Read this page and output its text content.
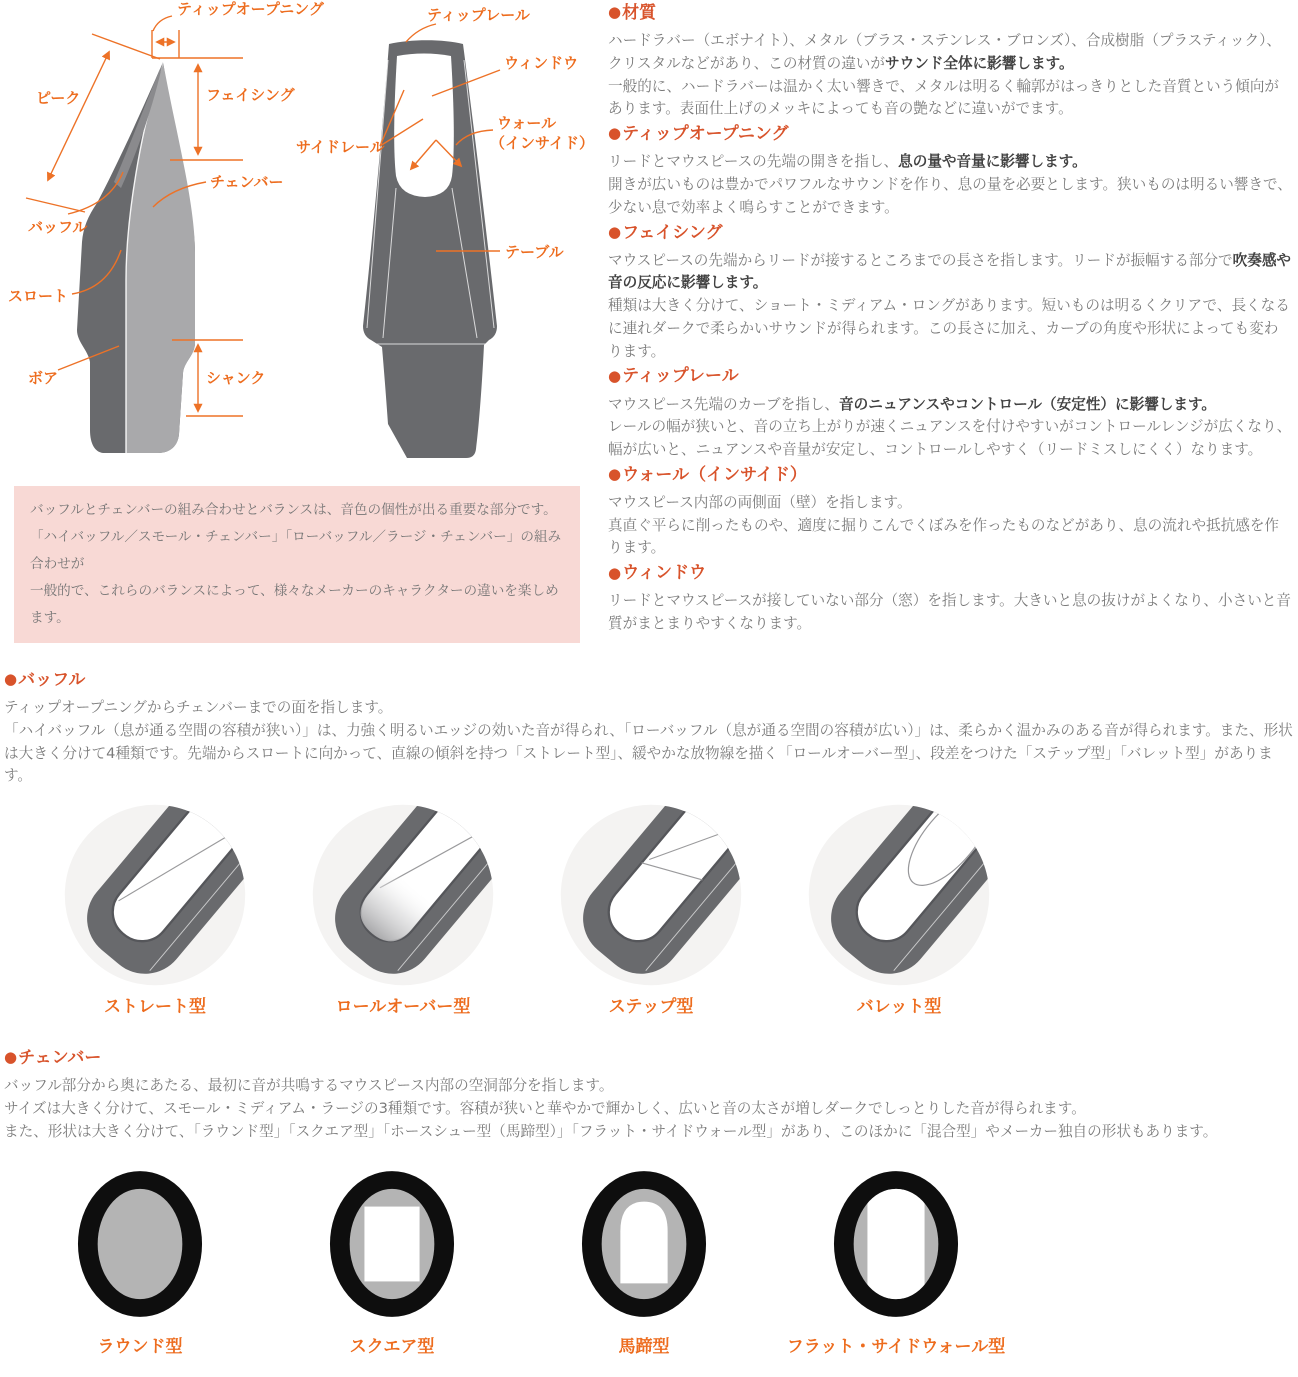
ティップオープニング
ピーク	フェイシング
チェンバー
バッフル
スロート
ボア	シャンク
ティップレール
ウィンドウ
サイドレール
ウォール
（インサイド）
テーブル
バッフルとチェンバーの組み合わせとバランスは、音色の個性が出る重要な部分です。
「ハイバッフル／スモール・チェンバー」「ローバッフル／ラージ・チェンバー」の組み合わせが
一般的で、これらのバランスによって、様々なメーカーのキャラクターの違いを楽しめます。
● 材質

ハードラバー（エボナイト）、メタル（ブラス・ステンレス・ブロンズ）、合成樹脂（プラスティック）、クリスタルなどがあり、この材質の違いがサウンド全体に影響します。

一般的に、ハードラバーは温かく太い響きで、メタルは明るく輪郭がはっきりとした音質という傾向があります。表面仕上げのメッキによっても音の艶などに違いがでます。

● ティップオープニング

リードとマウスピースの先端の開きを指し、息の量や音量に影響します。

開きが広いものは豊かでパワフルなサウンドを作り、息の量を必要とします。狭いものは明るい響きで、少ない息で効率よく鳴らすことができます。

● フェイシング

マウスピースの先端からリードが接するところまでの長さを指します。リードが振幅する部分で吹奏感や音の反応に影響します。

種類は大きく分けて、ショート・ミディアム・ロングがあります。短いものは明るくクリアで、長くなるに連れダークで柔らかいサウンドが得られます。この長さに加え、カーブの角度や形状によっても変わります。

● ティップレール

マウスピース先端のカーブを指し、音のニュアンスやコントロール（安定性）に影響します。

レールの幅が狭いと、音の立ち上がりが速くニュアンスを付けやすいがコントロールレンジが広くなり、幅が広いと、ニュアンスや音量が安定し、コントロールしやすく（リードミスしにくく）なります。

● ウォール（インサイド）

マウスピース内部の両側面（壁）を指します。

真直ぐ平らに削ったものや、適度に掘りこんでくぼみを作ったものなどがあり、息の流れや抵抗感を作ります。

● ウィンドウ

リードとマウスピースが接していない部分（窓）を指します。大きいと息の抜けがよくなり、小さいと音質がまとまりやすくなります。

● バッフル

ティップオープニングからチェンバーまでの面を指します。

「ハイバッフル（息が通る空間の容積が狭い）」は、力強く明るいエッジの効いた音が得られ、「ローバッフル（息が通る空間の容積が広い）」は、柔らかく温かみのある音が得られます。また、形状は大きく分けて4種類です。先端からスロートに向かって、直線の傾斜を持つ「ストレート型」、緩やかな放物線を描く「ロールオーバー型」、段差をつけた「ステップ型」「バレット型」があります。

ストレート型	ロールオーバー型	ステップ型	バレット型
● チェンバー

バッフル部分から奥にあたる、最初に音が共鳴するマウスピース内部の空洞部分を指します。

サイズは大きく分けて、スモール・ミディアム・ラージの3種類です。容積が狭いと華やかで輝かしく、広いと音の太さが増しダークでしっとりした音が得られます。

また、形状は大きく分けて、「ラウンド型」「スクエア型」「ホースシュー型（馬蹄型）」「フラット・サイドウォール型」があり、このほかに「混合型」やメーカー独自の形状もあります。

ラウンド型	スクエア型	馬蹄型	フラット・サイドウォール型
